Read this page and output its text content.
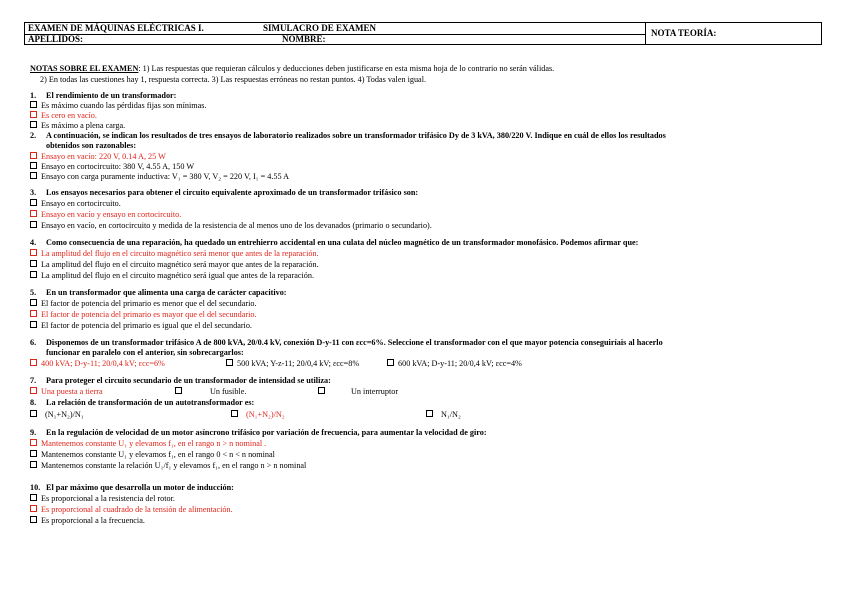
EXAMEN DE MÁQUINAS ELÉCTRICAS I.	SIMULACRO DE EXAMEN
APELLIDOS:	NOMBRE:
NOTA TEORÍA:
NOTAS SOBRE EL EXAMEN: 1) Las respuestas que requieran cálculos y deducciones deben justificarse en esta misma hoja de lo contrario no serán válidas.
2) En todas las cuestiones hay 1, respuesta correcta. 3) Las respuestas erróneas no restan puntos. 4) Todas valen igual.
1. El rendimiento de un transformador:
Es máximo cuando las pérdidas fijas son mínimas.
Es cero en vacío.
Es máximo a plena carga.
2. A continuación, se indican los resultados de tres ensayos de laboratorio realizados sobre un transformador trifásico Dy de 3 kVA, 380/220 V. Indique en cuál de ellos los resultados
obtenidos son razonables:
Ensayo en vacío: 220 V, 0.14 A, 25 W
Ensayo en cortocircuito: 380 V, 4.55 A, 150 W
Ensayo con carga puramente inductiva: V₁ = 380 V, V₂ = 220 V, I₁ = 4.55 A
3. Los ensayos necesarios para obtener el circuito equivalente aproximado de un transformador trifásico son:
Ensayo en cortocircuito.
Ensayo en vacío y ensayo en cortocircuito.
Ensayo en vacío, en cortocircuito y medida de la resistencia de al menos uno de los devanados (primario o secundario).
4. Como consecuencia de una reparación, ha quedado un entrehierro accidental en una culata del núcleo magnético de un transformador monofásico. Podemos afirmar que:
La amplitud del flujo en el circuito magnético será menor que antes de la reparación.
La amplitud del flujo en el circuito magnético será mayor que antes de la reparación.
La amplitud del flujo en el circuito magnético será igual que antes de la reparación.
5. En un transformador que alimenta una carga de carácter capacitivo:
El factor de potencia del primario es menor que el del secundario.
El factor de potencia del primario es mayor que el del secundario.
El factor de potencia del primario es igual que el del secundario.
6. Disponemos de un transformador trifásico A de 800 kVA, 20/0.4 kV, conexión D-y-11 con εcc=6%. Seleccione el transformador con el que mayor potencia conseguiríais al hacerlo
funcionar en paralelo con el anterior, sin sobrecargarlos:
400 kVA; D-y-11; 20/0,4 kV; εcc=6%	500 kVA; Y-z-11; 20/0,4 kV; εcc=8%	600 kVA; D-y-11; 20/0,4 kV; εcc=4%
7. Para proteger el circuito secundario de un transformador de intensidad se utiliza:
Una puesta a tierra	Un fusible.	Un interruptor
8. La relación de transformación de un autotransformador es:
(N₁+N₂)/N₁	(N₁+N₂)/N₂	N₁/N₂
9. En la regulación de velocidad de un motor asíncrono trifásico por variación de frecuencia, para aumentar la velocidad de giro:
Mantenemos constante U₁ y elevamos f₁, en el rango n > n nominal .
Mantenemos constante U₁ y elevamos f₁, en el rango 0 < n < n nominal
Mantenemos constante la relación U₁/f₁ y elevamos f₁, en el rango n > n nominal
10. El par máximo que desarrolla un motor de inducción:
Es proporcional a la resistencia del rotor.
Es proporcional al cuadrado de la tensión de alimentación.
Es proporcional a la frecuencia.
